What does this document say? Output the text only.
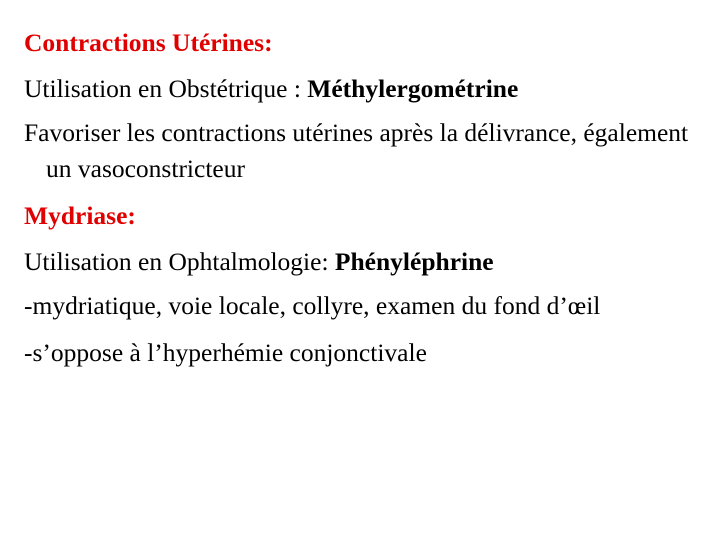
Contractions Utérines:
Utilisation en Obstétrique : Méthylergométrine
Favoriser les contractions utérines après la délivrance, également un vasoconstricteur
Mydriase:
Utilisation en Ophtalmologie: Phényléphrine
-mydriatique, voie locale, collyre, examen du fond d’œil
-s’oppose à l’hyperhémie conjonctivale
